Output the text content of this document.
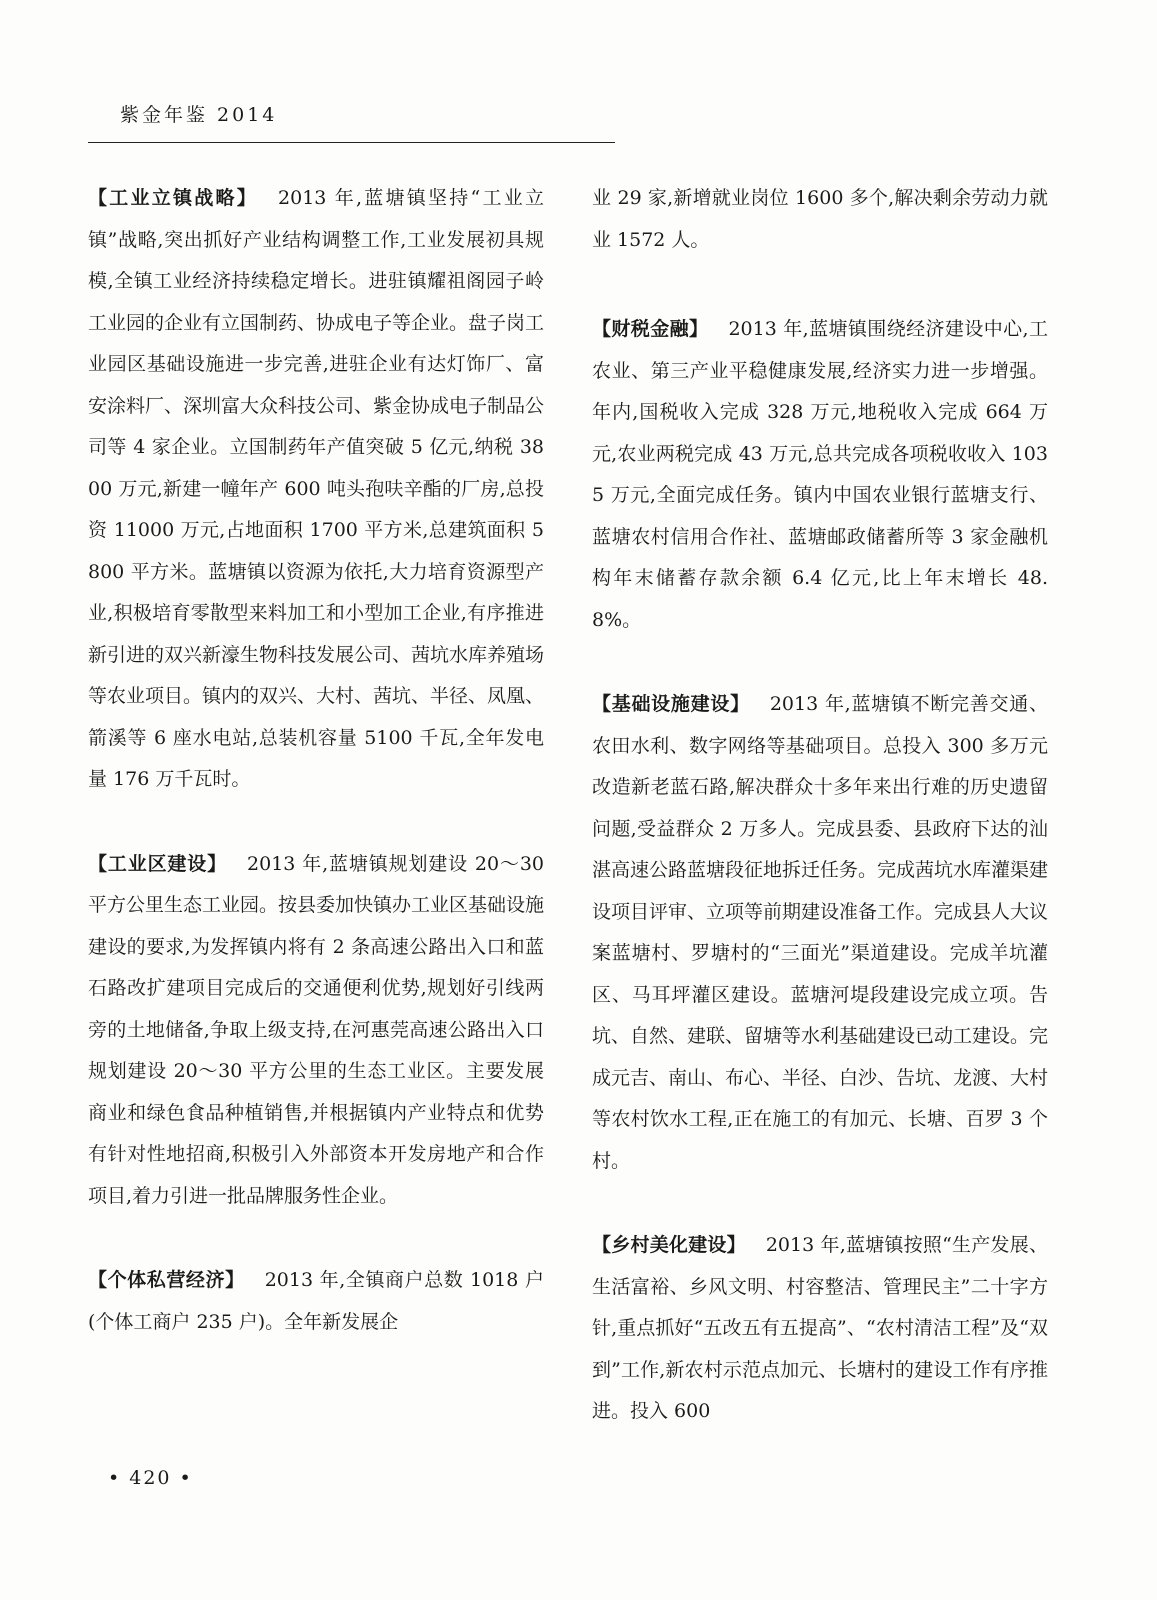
紫金年鉴 2014

【工业立镇战略】 2013 年,蓝塘镇坚持“工业立镇”战略,突出抓好产业结构调整工作,工业发展初具规模,全镇工业经济持续稳定增长。进驻镇耀祖阁园子岭工业园的企业有立国制药、协成电子等企业。盘子岗工业园区基础设施进一步完善,进驻企业有达灯饰厂、富安涂料厂、深圳富大众科技公司、紫金协成电子制品公司等 4 家企业。立国制药年产值突破 5 亿元,纳税 3800 万元,新建一幢年产 600 吨头孢呋辛酯的厂房,总投资 11000 万元,占地面积 1700 平方米,总建筑面积 5800 平方米。蓝塘镇以资源为依托,大力培育资源型产业,积极培育零散型来料加工和小型加工企业,有序推进新引进的双兴新濠生物科技发展公司、茜坑水库养殖场等农业项目。镇内的双兴、大村、茜坑、半径、凤凰、箭溪等 6 座水电站,总装机容量 5100 千瓦,全年发电量 176 万千瓦时。

【工业区建设】 2013 年,蓝塘镇规划建设 20～30 平方公里生态工业园。按县委加快镇办工业区基础设施建设的要求,为发挥镇内将有 2 条高速公路出入口和蓝石路改扩建项目完成后的交通便利优势,规划好引线两旁的土地储备,争取上级支持,在河惠莞高速公路出入口规划建设 20～30 平方公里的生态工业区。主要发展商业和绿色食品种植销售,并根据镇内产业特点和优势有针对性地招商,积极引入外部资本开发房地产和合作项目,着力引进一批品牌服务性企业。

【个体私营经济】 2013 年,全镇商户总数 1018 户(个体工商户 235 户)。全年新发展企

业 29 家,新增就业岗位 1600 多个,解决剩余劳动力就业 1572 人。

【财税金融】 2013 年,蓝塘镇围绕经济建设中心,工农业、第三产业平稳健康发展,经济实力进一步增强。年内,国税收入完成 328 万元,地税收入完成 664 万元,农业两税完成 43 万元,总共完成各项税收收入 1035 万元,全面完成任务。镇内中国农业银行蓝塘支行、蓝塘农村信用合作社、蓝塘邮政储蓄所等 3 家金融机构年末储蓄存款余额 6.4 亿元,比上年末增长 48.8%。

【基础设施建设】 2013 年,蓝塘镇不断完善交通、农田水利、数字网络等基础项目。总投入 300 多万元改造新老蓝石路,解决群众十多年来出行难的历史遗留问题,受益群众 2 万多人。完成县委、县政府下达的汕湛高速公路蓝塘段征地拆迁任务。完成茜坑水库灌渠建设项目评审、立项等前期建设准备工作。完成县人大议案蓝塘村、罗塘村的“三面光”渠道建设。完成羊坑灌区、马耳坪灌区建设。蓝塘河堤段建设完成立项。告坑、自然、建联、留塘等水利基础建设已动工建设。完成元吉、南山、布心、半径、白沙、告坑、龙渡、大村等农村饮水工程,正在施工的有加元、长塘、百罗 3 个村。

【乡村美化建设】 2013 年,蓝塘镇按照“生产发展、生活富裕、乡风文明、村容整洁、管理民主”二十字方针,重点抓好“五改五有五提高”、“农村清洁工程”及“双到”工作,新农村示范点加元、长塘村的建设工作有序推进。投入 600

• 420 •
